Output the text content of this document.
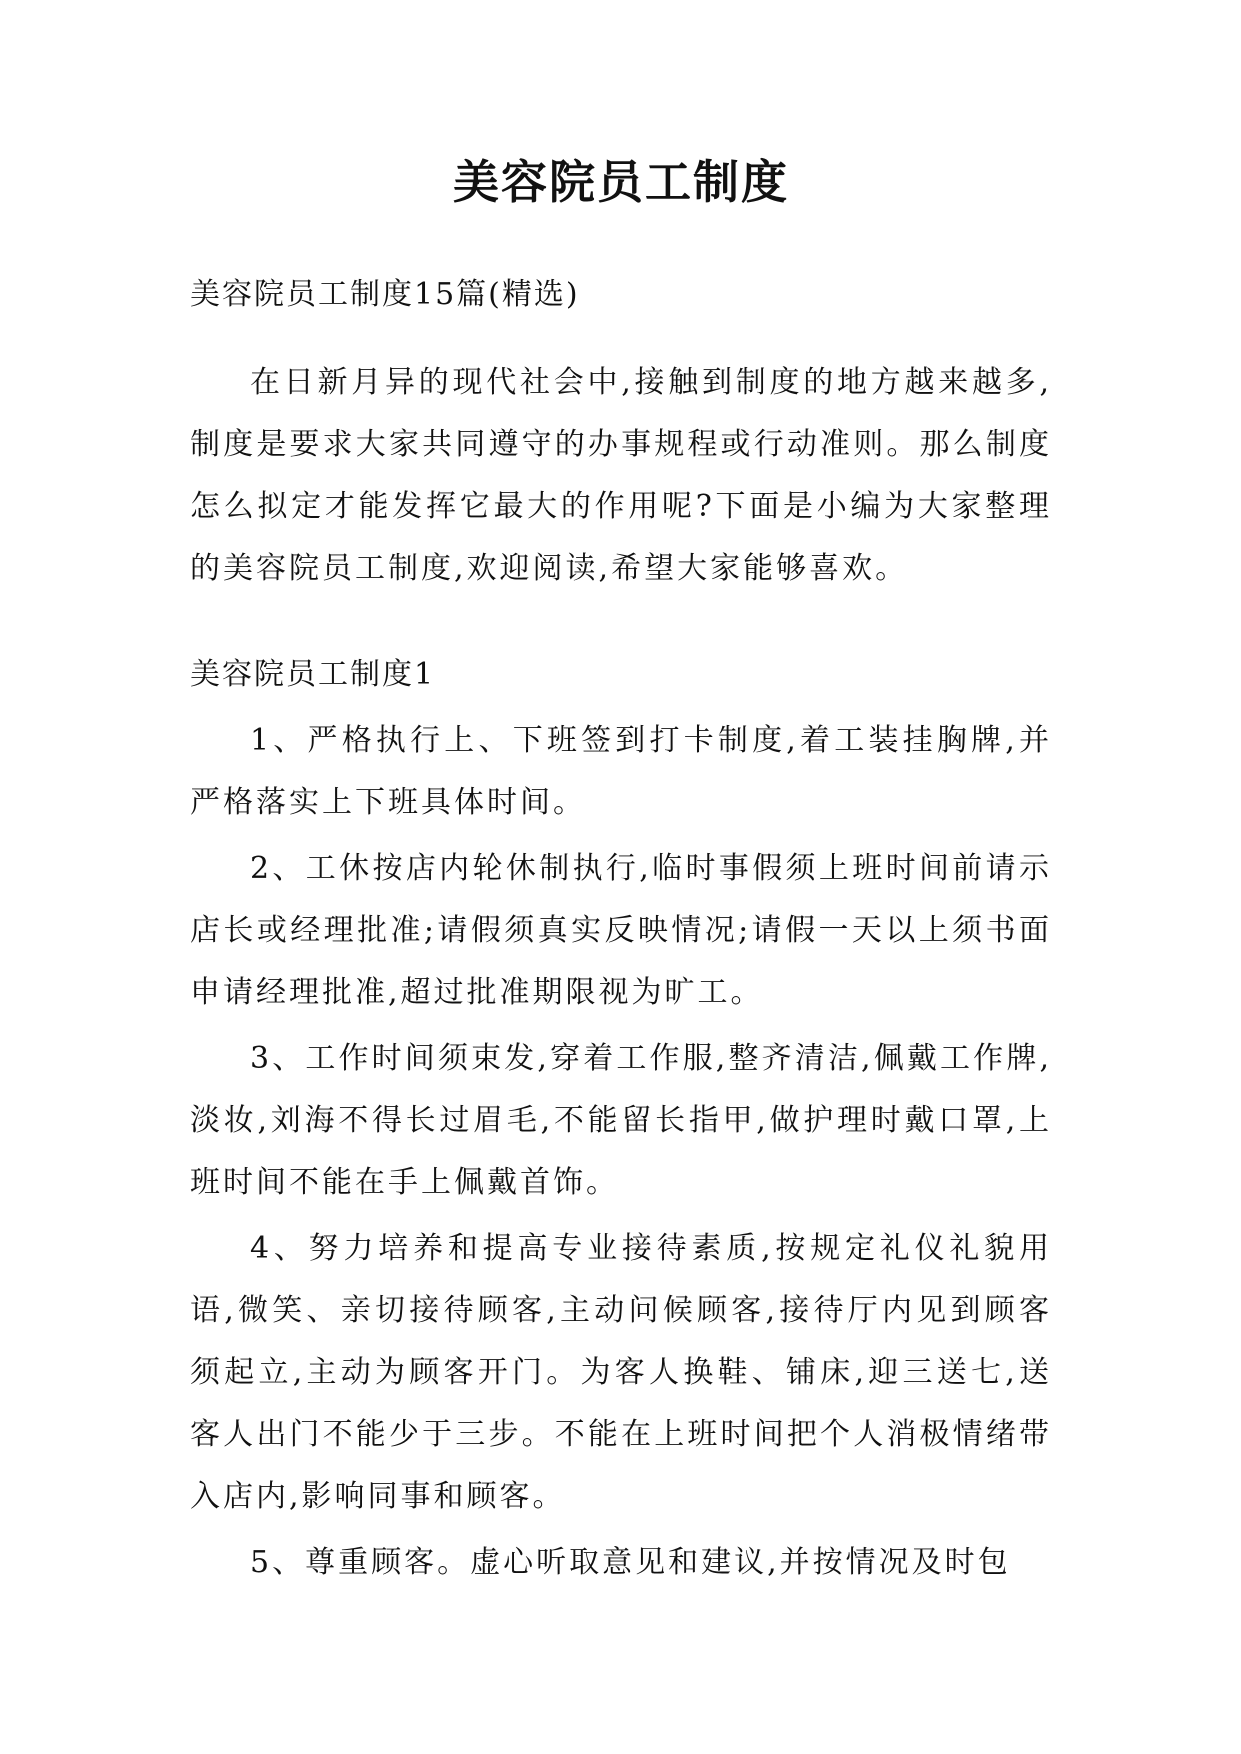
美容院员工制度

美容院员工制度15篇(精选)

在日新月异的现代社会中,接触到制度的地方越来越多,制度是要求大家共同遵守的办事规程或行动准则。那么制度怎么拟定才能发挥它最大的作用呢?下面是小编为大家整理的美容院员工制度,欢迎阅读,希望大家能够喜欢。

美容院员工制度1

1、严格执行上、下班签到打卡制度,着工装挂胸牌,并严格落实上下班具体时间。

2、工休按店内轮休制执行,临时事假须上班时间前请示店长或经理批准;请假须真实反映情况;请假一天以上须书面申请经理批准,超过批准期限视为旷工。

3、工作时间须束发,穿着工作服,整齐清洁,佩戴工作牌,淡妆,刘海不得长过眉毛,不能留长指甲,做护理时戴口罩,上班时间不能在手上佩戴首饰。

4、努力培养和提高专业接待素质,按规定礼仪礼貌用语,微笑、亲切接待顾客,主动问候顾客,接待厅内见到顾客须起立,主动为顾客开门。为客人换鞋、铺床,迎三送七,送客人出门不能少于三步。不能在上班时间把个人消极情绪带入店内,影响同事和顾客。

5、尊重顾客。虚心听取意见和建议,并按情况及时包
